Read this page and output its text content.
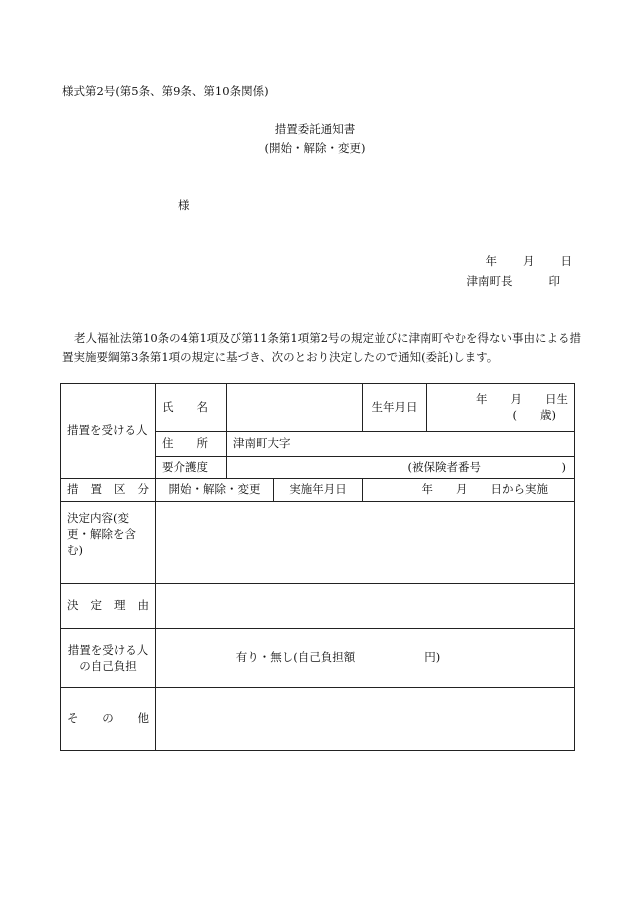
様式第2号(第5条、第9条、第10条関係)
措置委託通知書
(開始・解除・変更)
様
年 月 日
津南町長	印
老人福祉法第10条の4第1項及び第11条第1項第2号の規定並びに津南町やむを得ない事由による措置実施要綱第3条第1項の規定に基づき、次のとおり決定したので通知(委託)します。
措置を受ける人	氏　　名			生年月日	年　　月　　日生
(　　歳)

	住　　所	津南町大字			
	要介護度	(被保険者番号　　　　　　　)			
措置区分	開始・解除・変更		実施年月日	年　　月　　日から実施	
決定内容(変更・解除を含む)					
決定理由					
措置を受ける人の自己負担	有り・無し(自己負担額　　　　　　円)				
その他					
